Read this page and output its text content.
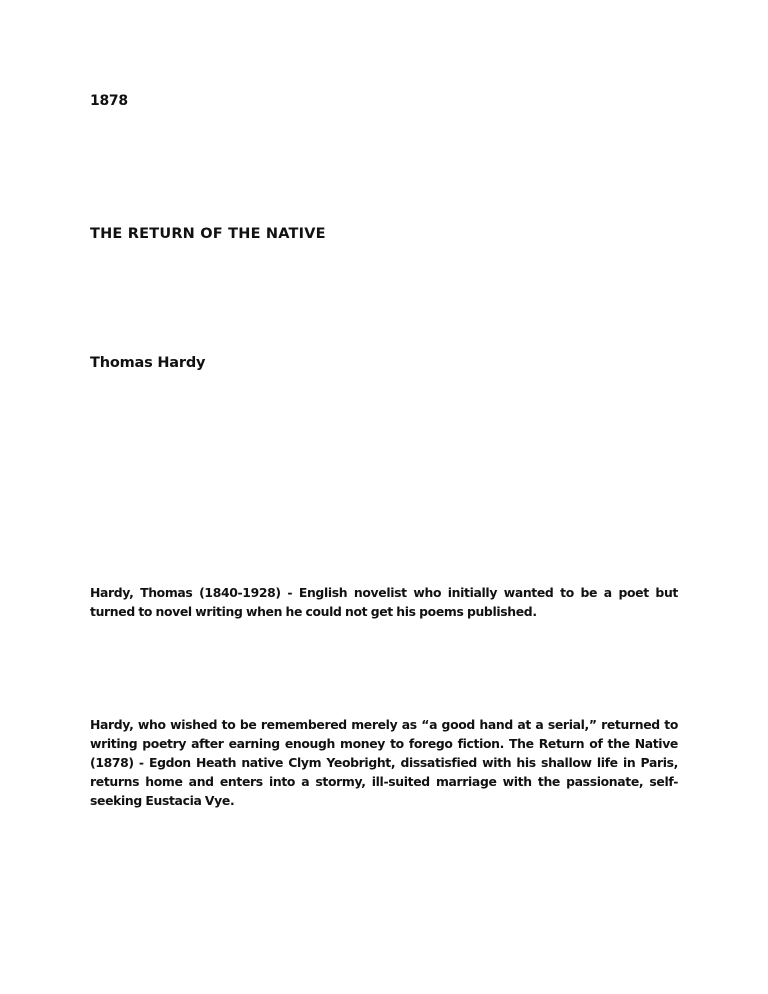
1878
THE RETURN OF THE NATIVE
Thomas Hardy

Hardy, Thomas (1840-1928) - English novelist who initially wanted to be a poet but turned to novel writing when he could not get his poems published.

Hardy, who wished to be remembered merely as “a good hand at a serial,” returned to writing poetry after earning enough money to forego fiction. The Return of the Native (1878) - Egdon Heath native Clym Yeobright, dissatisfied with his shallow life in Paris, returns home and enters into a stormy, ill-suited marriage with the passionate, self-seeking Eustacia Vye.
